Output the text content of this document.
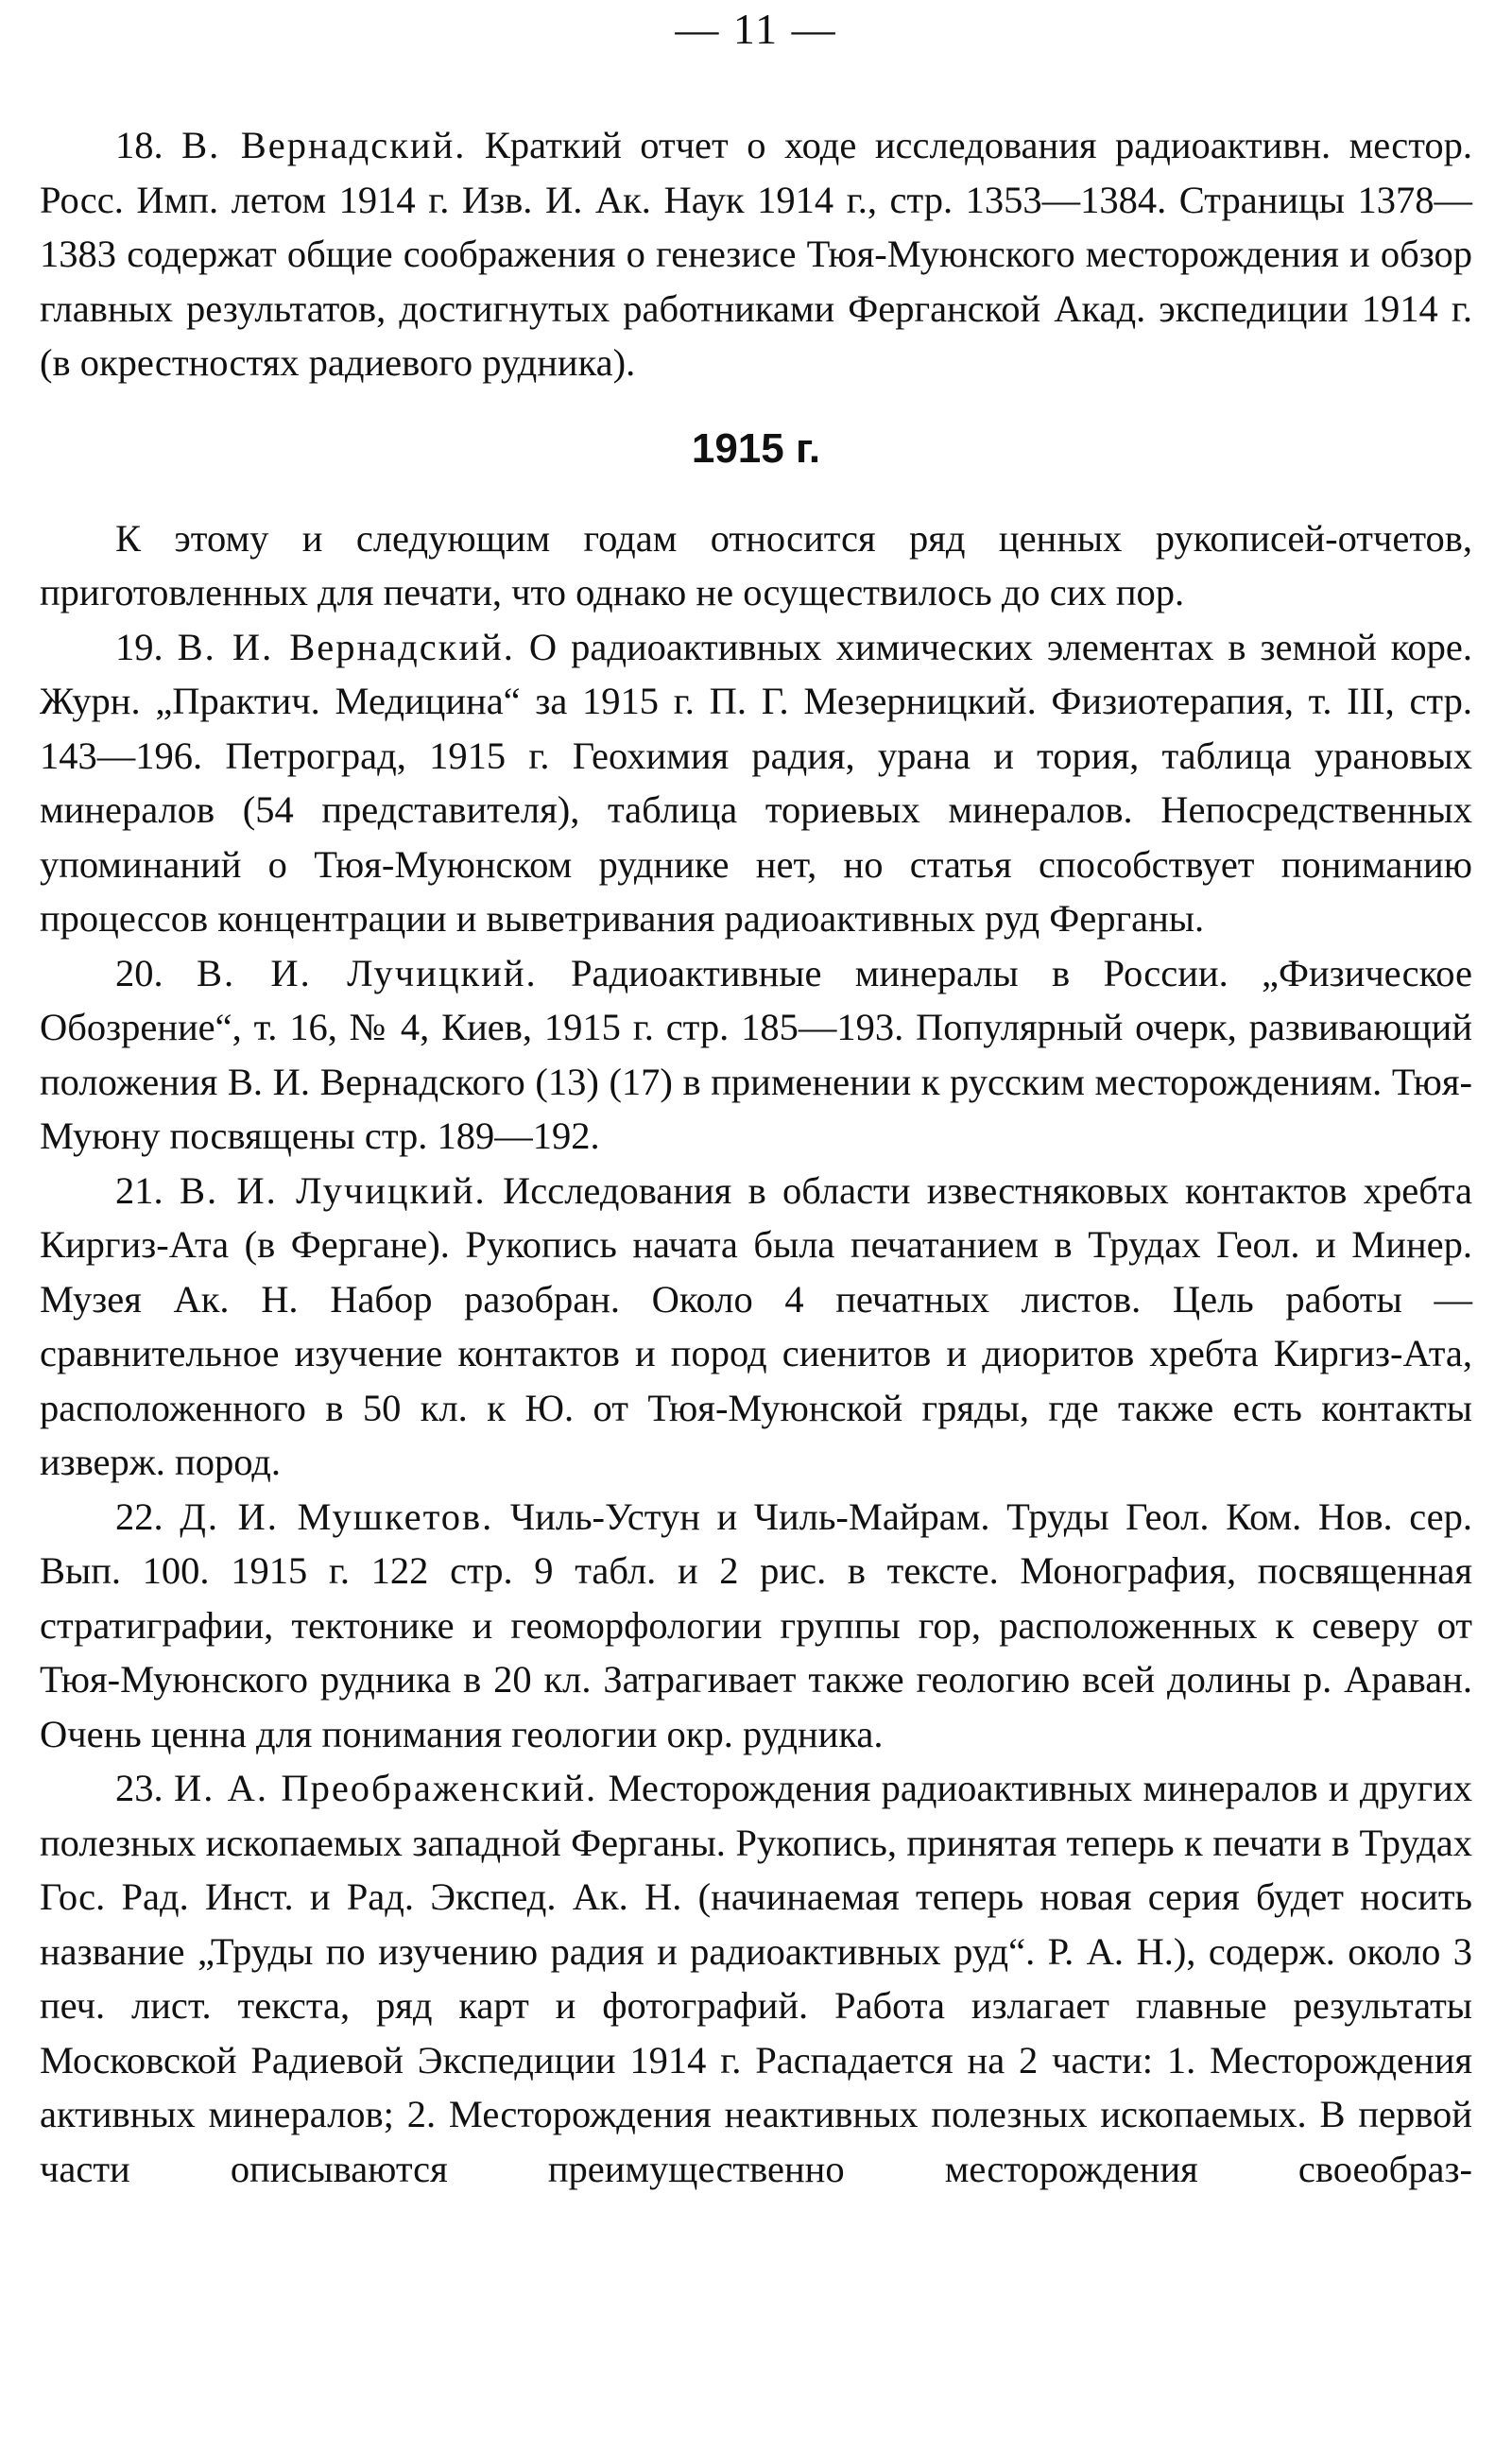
— 11 —

18. В. Вернадский. Краткий отчет о ходе исследования радиоактивн. местор. Росс. Имп. летом 1914 г. Изв. И. Ак. Наук 1914 г., стр. 1353—1384. Страницы 1378—1383 содержат общие соображения о генезисе Тюя-Муюнского месторождения и обзор главных результатов, достигнутых работниками Ферганской Акад. экспедиции 1914 г. (в окрестностях радиевого рудника).

1915 г.

К этому и следующим годам относится ряд ценных рукописей-отчетов, приготовленных для печати, что однако не осуществилось до сих пор.

19. В. И. Вернадский. О радиоактивных химических элементах в земной коре. Журн. „Практич. Медицина“ за 1915 г. П. Г. Мезерницкий. Физиотерапия, т. III, стр. 143—196. Петроград, 1915 г. Геохимия радия, урана и тория, таблица урановых минералов (54 представителя), таблица ториевых минералов. Непосредственных упоминаний о Тюя-Муюнском руднике нет, но статья способствует пониманию процессов концентрации и выветривания радиоактивных руд Ферганы.

20. В. И. Лучицкий. Радиоактивные минералы в России. „Физическое Обозрение“, т. 16, № 4, Киев, 1915 г. стр. 185—193. Популярный очерк, развивающий положения В. И. Вернадского (13) (17) в применении к русским месторождениям. Тюя-Муюну посвящены стр. 189—192.

21. В. И. Лучицкий. Исследования в области известняковых контактов хребта Киргиз-Ата (в Фергане). Рукопись начата была печатанием в Трудах Геол. и Минер. Музея Ак. Н. Набор разобран. Около 4 печатных листов. Цель работы — сравнительное изучение контактов и пород сиенитов и диоритов хребта Киргиз-Ата, расположенного в 50 кл. к Ю. от Тюя-Муюнской гряды, где также есть контакты изверж. пород.

22. Д. И. Мушкетов. Чиль-Устун и Чиль-Майрам. Труды Геол. Ком. Нов. сер. Вып. 100. 1915 г. 122 стр. 9 табл. и 2 рис. в тексте. Монография, посвященная стратиграфии, тектонике и геоморфологии группы гор, расположенных к северу от Тюя-Муюнского рудника в 20 кл. Затрагивает также геологию всей долины р. Араван. Очень ценна для понимания геологии окр. рудника.

23. И. А. Преображенский. Месторождения радиоактивных минералов и других полезных ископаемых западной Ферганы. Рукопись, принятая теперь к печати в Трудах Гос. Рад. Инст. и Рад. Экспед. Ак. Н. (начинаемая теперь новая серия будет носить название „Труды по изучению радия и радиоактивных руд“. Р. А. Н.), содерж. около 3 печ. лист. текста, ряд карт и фотографий. Работа излагает главные результаты Московской Радиевой Экспедиции 1914 г. Распадается на 2 части: 1. Месторождения активных минералов; 2. Месторождения неактивных полезных ископаемых. В первой части описываются преимущественно месторождения своеобраз-
